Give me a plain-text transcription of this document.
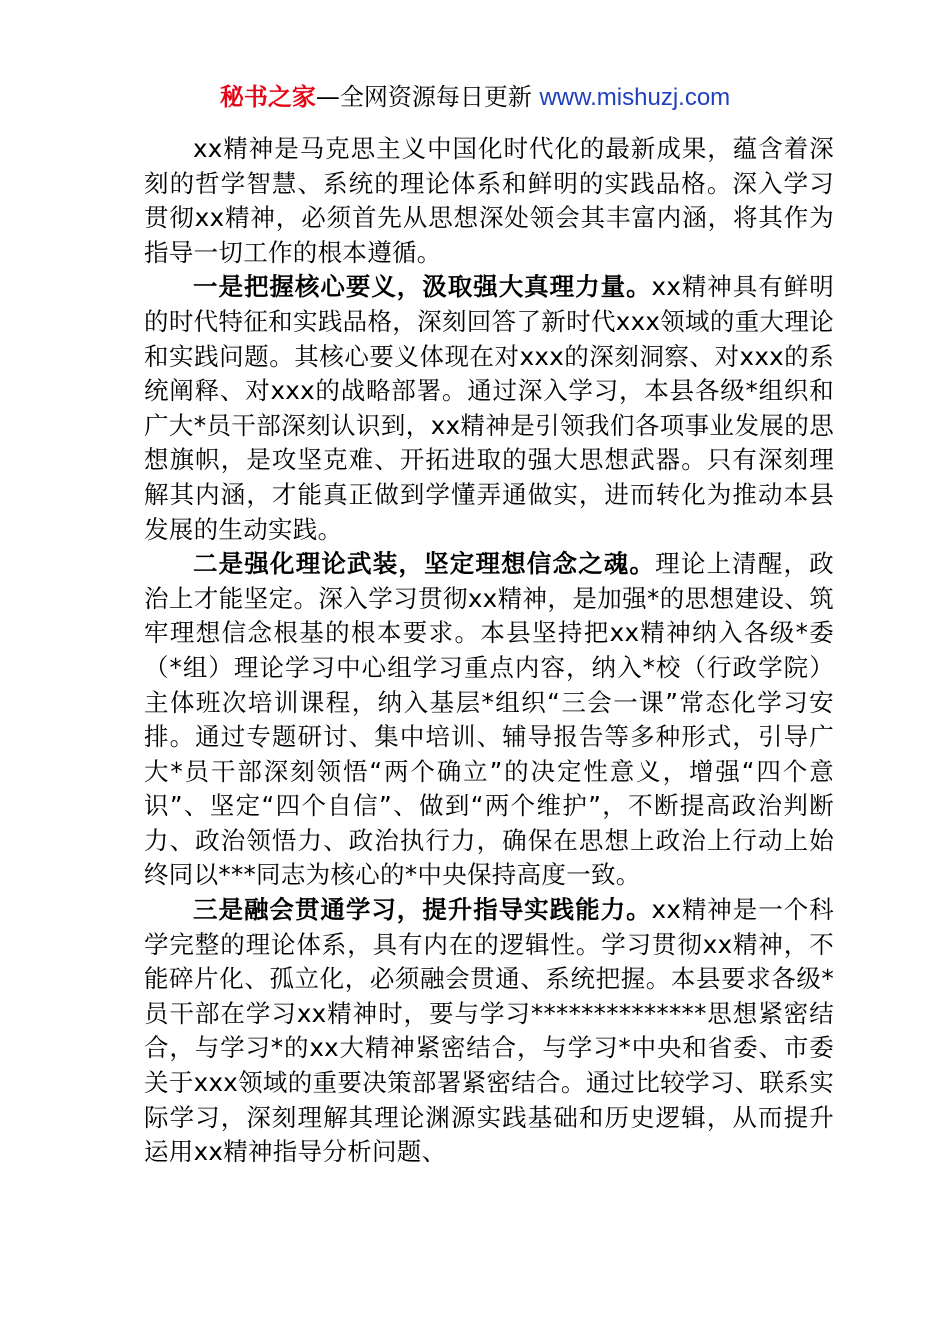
秘书之家—全网资源每日更新 www.mishuzj.com

xx精神是马克思主义中国化时代化的最新成果，蕴含着深刻的哲学智慧、系统的理论体系和鲜明的实践品格。深入学习贯彻xx精神，必须首先从思想深处领会其丰富内涵，将其作为指导一切工作的根本遵循。

一是把握核心要义，汲取强大真理力量。xx精神具有鲜明的时代特征和实践品格，深刻回答了新时代xxx领域的重大理论和实践问题。其核心要义体现在对xxx的深刻洞察、对xxx的系统阐释、对xxx的战略部署。通过深入学习，本县各级*组织和广大*员干部深刻认识到，xx精神是引领我们各项事业发展的思想旗帜，是攻坚克难、开拓进取的强大思想武器。只有深刻理解其内涵，才能真正做到学懂弄通做实，进而转化为推动本县发展的生动实践。

二是强化理论武装，坚定理想信念之魂。理论上清醒，政治上才能坚定。深入学习贯彻xx精神，是加强*的思想建设、筑牢理想信念根基的根本要求。本县坚持把xx精神纳入各级*委（*组）理论学习中心组学习重点内容，纳入*校（行政学院）主体班次培训课程，纳入基层*组织“三会一课”常态化学习安排。通过专题研讨、集中培训、辅导报告等多种形式，引导广大*员干部深刻领悟“两个确立”的决定性意义，增强“四个意识”、坚定“四个自信”、做到“两个维护”，不断提高政治判断力、政治领悟力、政治执行力，确保在思想上政治上行动上始终同以***同志为核心的*中央保持高度一致。

三是融会贯通学习，提升指导实践能力。xx精神是一个科学完整的理论体系，具有内在的逻辑性。学习贯彻xx精神，不能碎片化、孤立化，必须融会贯通、系统把握。本县要求各级*员干部在学习xx精神时，要与学习**************思想紧密结合，与学习*的xx大精神紧密结合，与学习*中央和省委、市委关于xxx领域的重要决策部署紧密结合。通过比较学习、联系实际学习，深刻理解其理论渊源实践基础和历史逻辑，从而提升运用xx精神指导分析问题、
